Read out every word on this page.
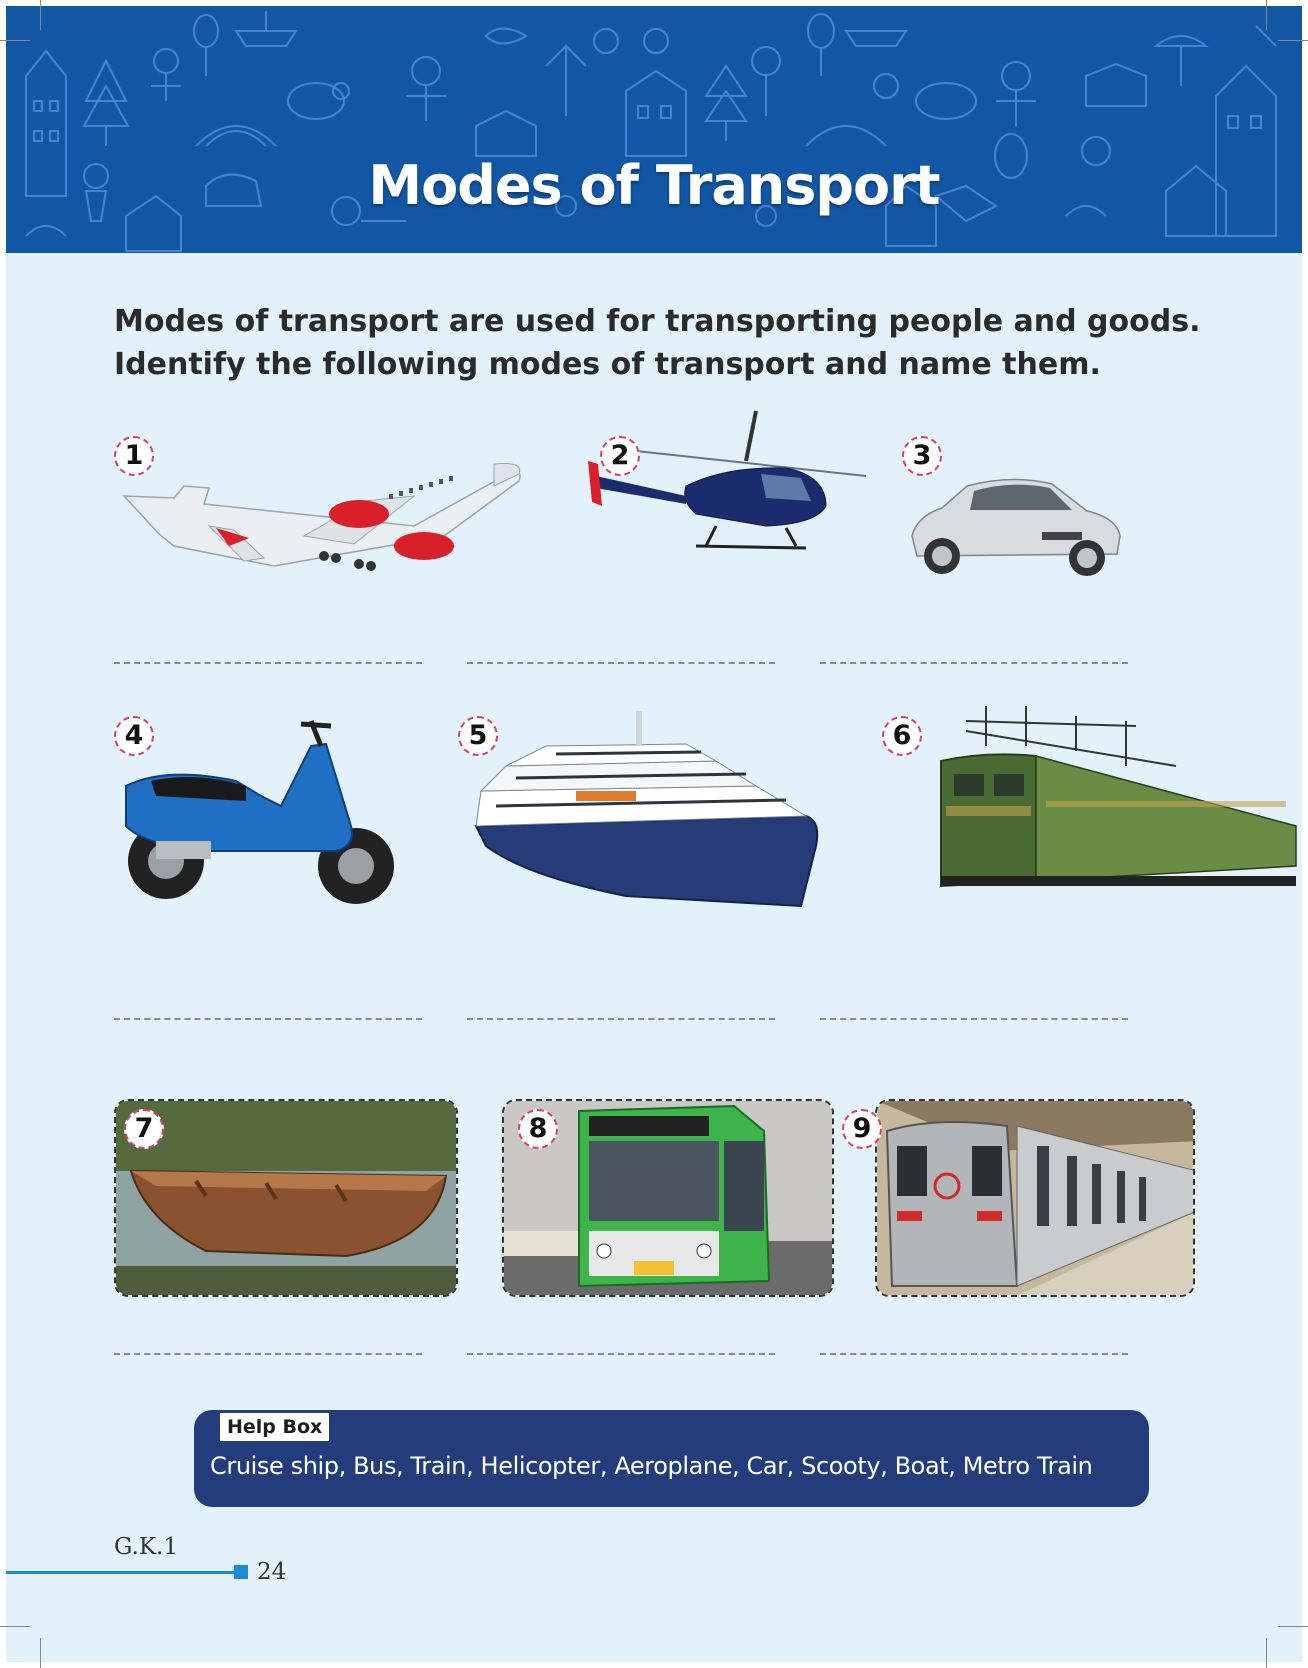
Modes of Transport
Modes of transport are used for transporting people and goods.
Identify the following modes of transport and name them.
1	2	3
4	5	6
7	8	9
Help Box
Cruise ship, Bus, Train, Helicopter, Aeroplane, Car, Scooty, Boat, Metro Train
G.K.1
24
